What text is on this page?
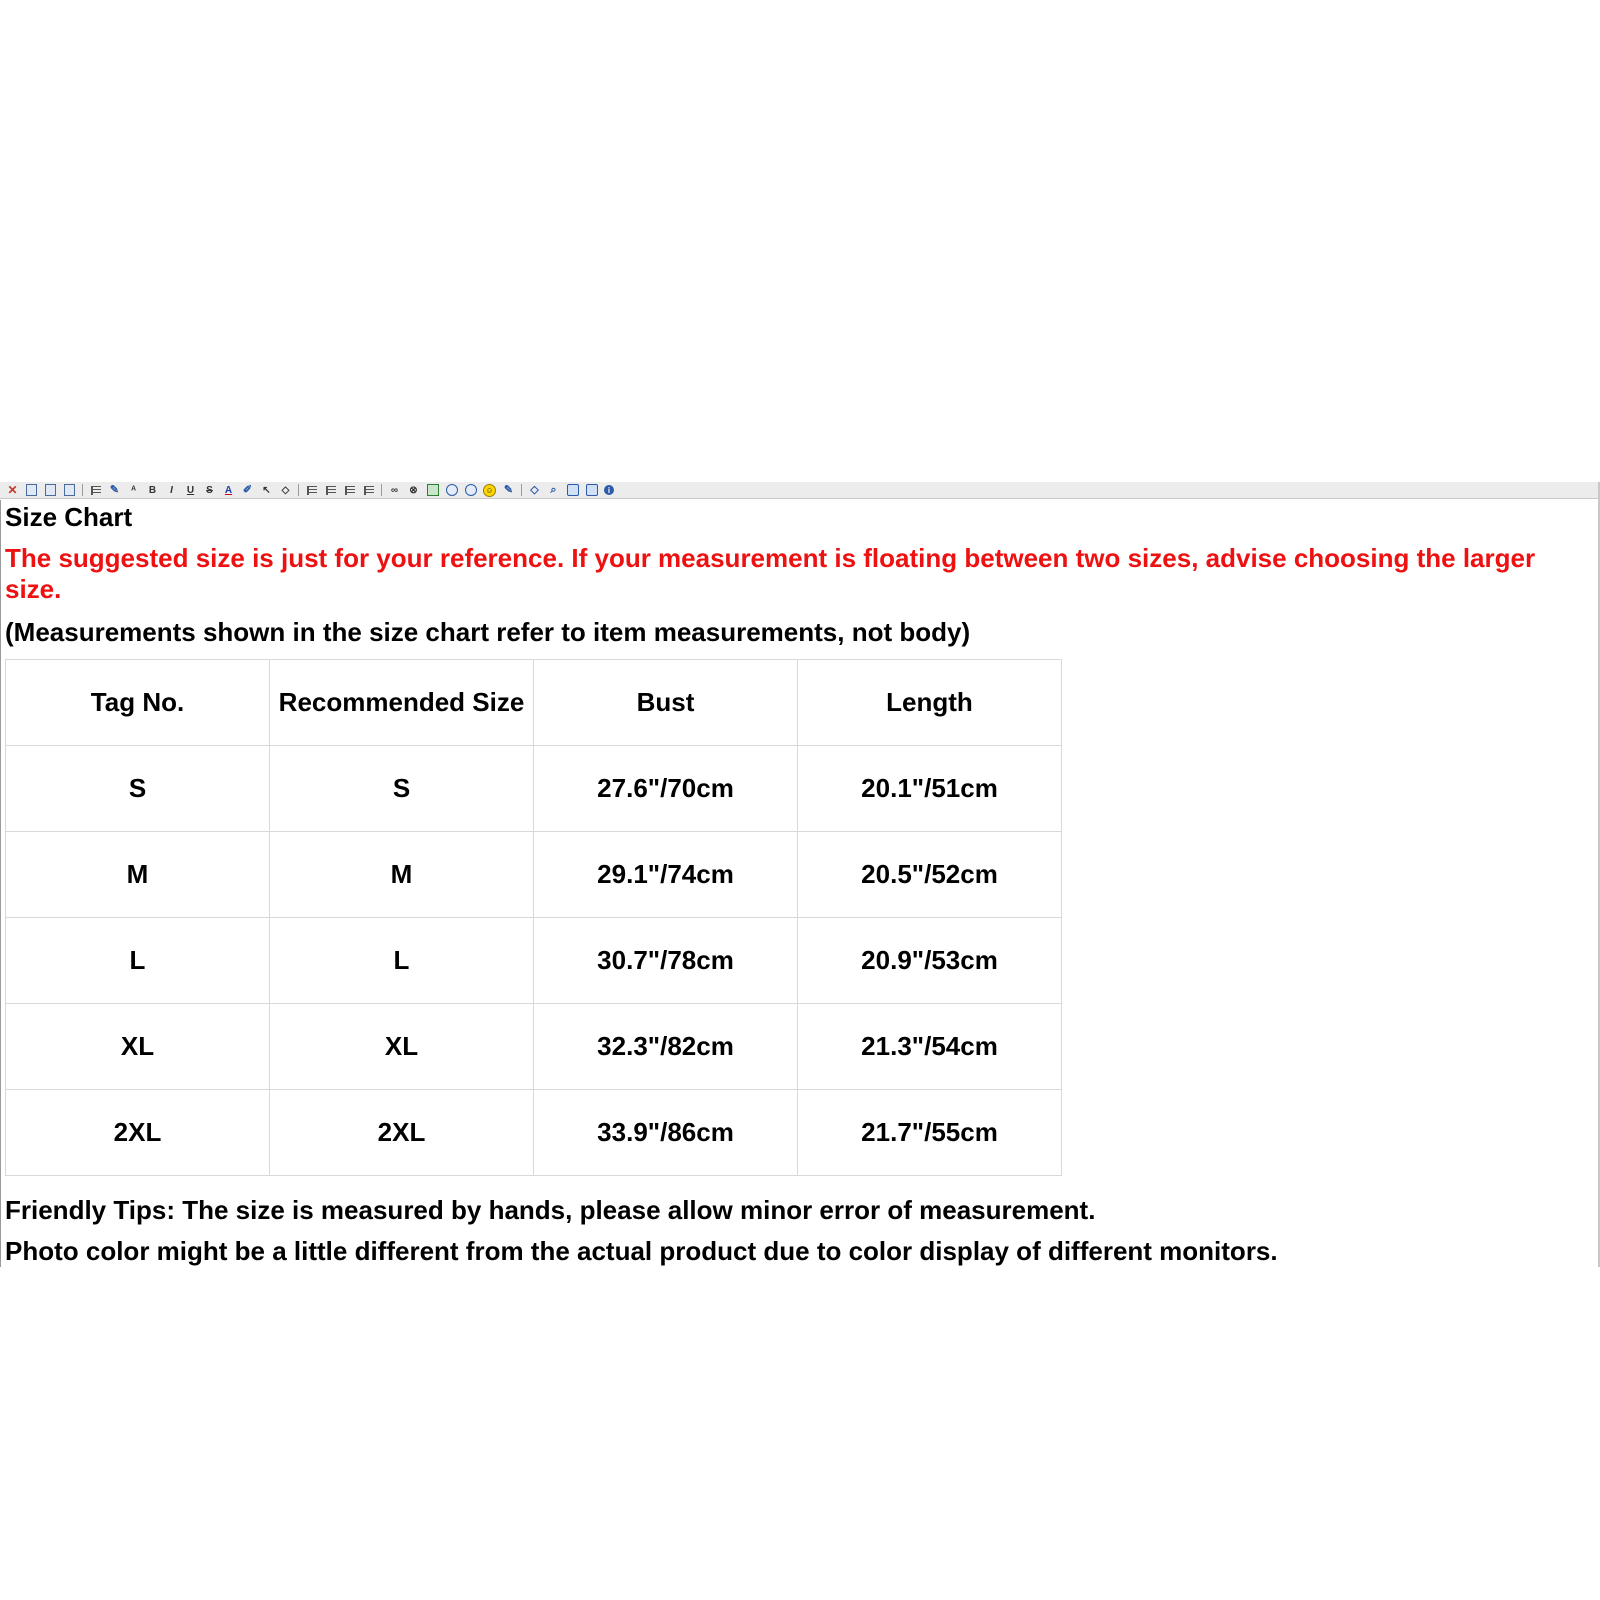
✕	✎	ᴬ	B	I	U	S	A ✐ ↖ ◇	∞ ⊗	☺ ✎ ◇	⌕	i
Size Chart
The suggested size is just for your reference. If your measurement is floating between two sizes, advise choosing the larger size.
(Measurements shown in the size chart refer to item measurements, not body)
Tag No.	Recommended Size	Bust	Length
S	S	27.6"/70cm	20.1"/51cm
M	M	29.1"/74cm	20.5"/52cm
L	L	30.7"/78cm	20.9"/53cm
XL	XL	32.3"/82cm	21.3"/54cm
2XL	2XL	33.9"/86cm	21.7"/55cm
Friendly Tips: The size is measured by hands, please allow minor error of measurement.
Photo color might be a little different from the actual product due to color display of different monitors.
